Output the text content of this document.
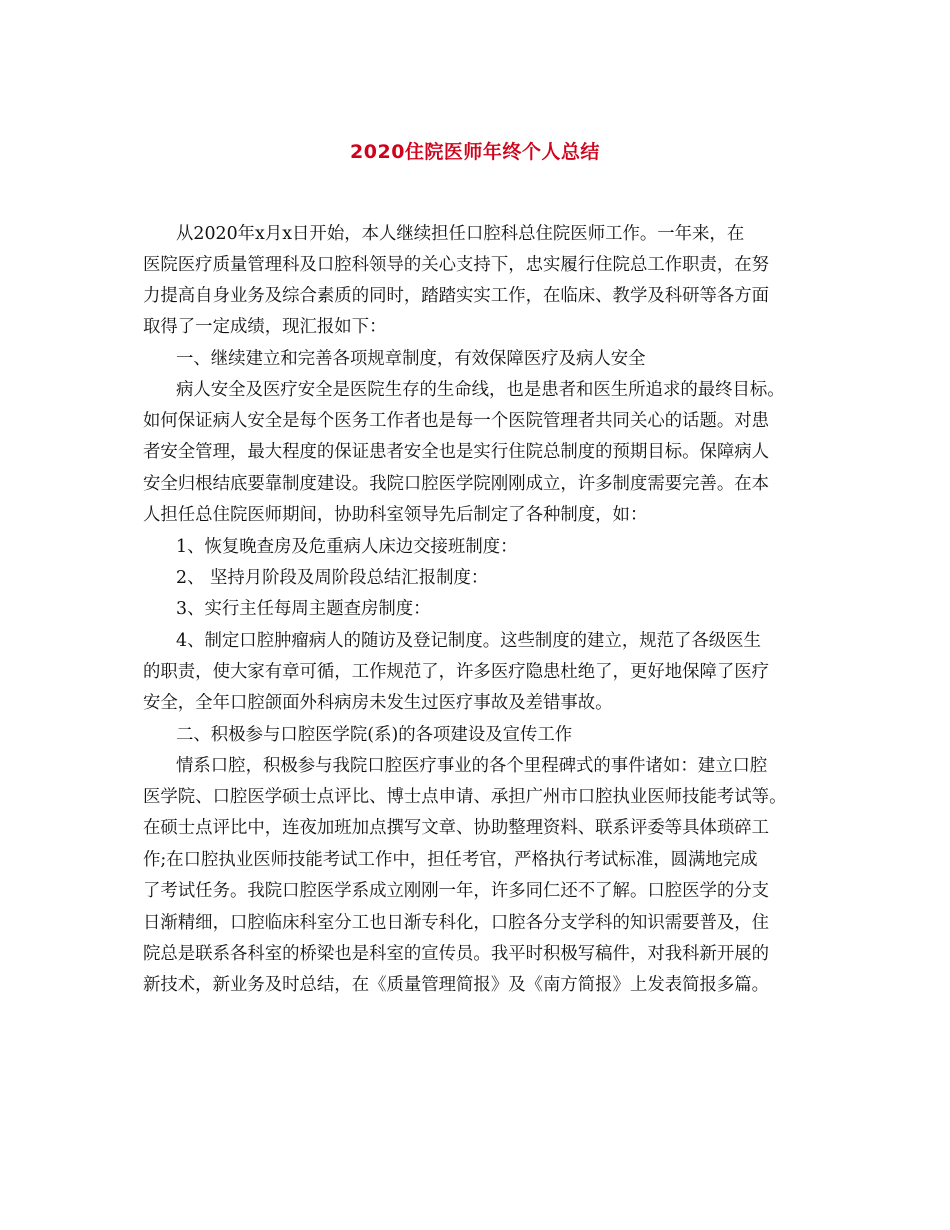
2020住院医师年终个人总结
从2020年x月x日开始，本人继续担任口腔科总住院医师工作。一年来，在
医院医疗质量管理科及口腔科领导的关心支持下，忠实履行住院总工作职责，在努
力提高自身业务及综合素质的同时，踏踏实实工作，在临床、教学及科研等各方面
取得了一定成绩，现汇报如下：
一、继续建立和完善各项规章制度，有效保障医疗及病人安全
病人安全及医疗安全是医院生存的生命线，也是患者和医生所追求的最终目标。
如何保证病人安全是每个医务工作者也是每一个医院管理者共同关心的话题。对患
者安全管理，最大程度的保证患者安全也是实行住院总制度的预期目标。保障病人
安全归根结底要靠制度建设。我院口腔医学院刚刚成立，许多制度需要完善。在本
人担任总住院医师期间，协助科室领导先后制定了各种制度，如：
1、恢复晚查房及危重病人床边交接班制度：
2、 坚持月阶段及周阶段总结汇报制度：
3、实行主任每周主题查房制度：
4、制定口腔肿瘤病人的随访及登记制度。这些制度的建立，规范了各级医生
的职责，使大家有章可循，工作规范了，许多医疗隐患杜绝了，更好地保障了医疗
安全，全年口腔颌面外科病房未发生过医疗事故及差错事故。
二、积极参与口腔医学院(系)的各项建设及宣传工作
情系口腔，积极参与我院口腔医疗事业的各个里程碑式的事件诸如：建立口腔
医学院、口腔医学硕士点评比、博士点申请、承担广州市口腔执业医师技能考试等。
在硕士点评比中，连夜加班加点撰写文章、协助整理资料、联系评委等具体琐碎工
作;在口腔执业医师技能考试工作中，担任考官，严格执行考试标准，圆满地完成
了考试任务。我院口腔医学系成立刚刚一年，许多同仁还不了解。口腔医学的分支
日渐精细，口腔临床科室分工也日渐专科化，口腔各分支学科的知识需要普及，住
院总是联系各科室的桥梁也是科室的宣传员。我平时积极写稿件，对我科新开展的
新技术，新业务及时总结，在《质量管理简报》及《南方简报》上发表简报多篇。
